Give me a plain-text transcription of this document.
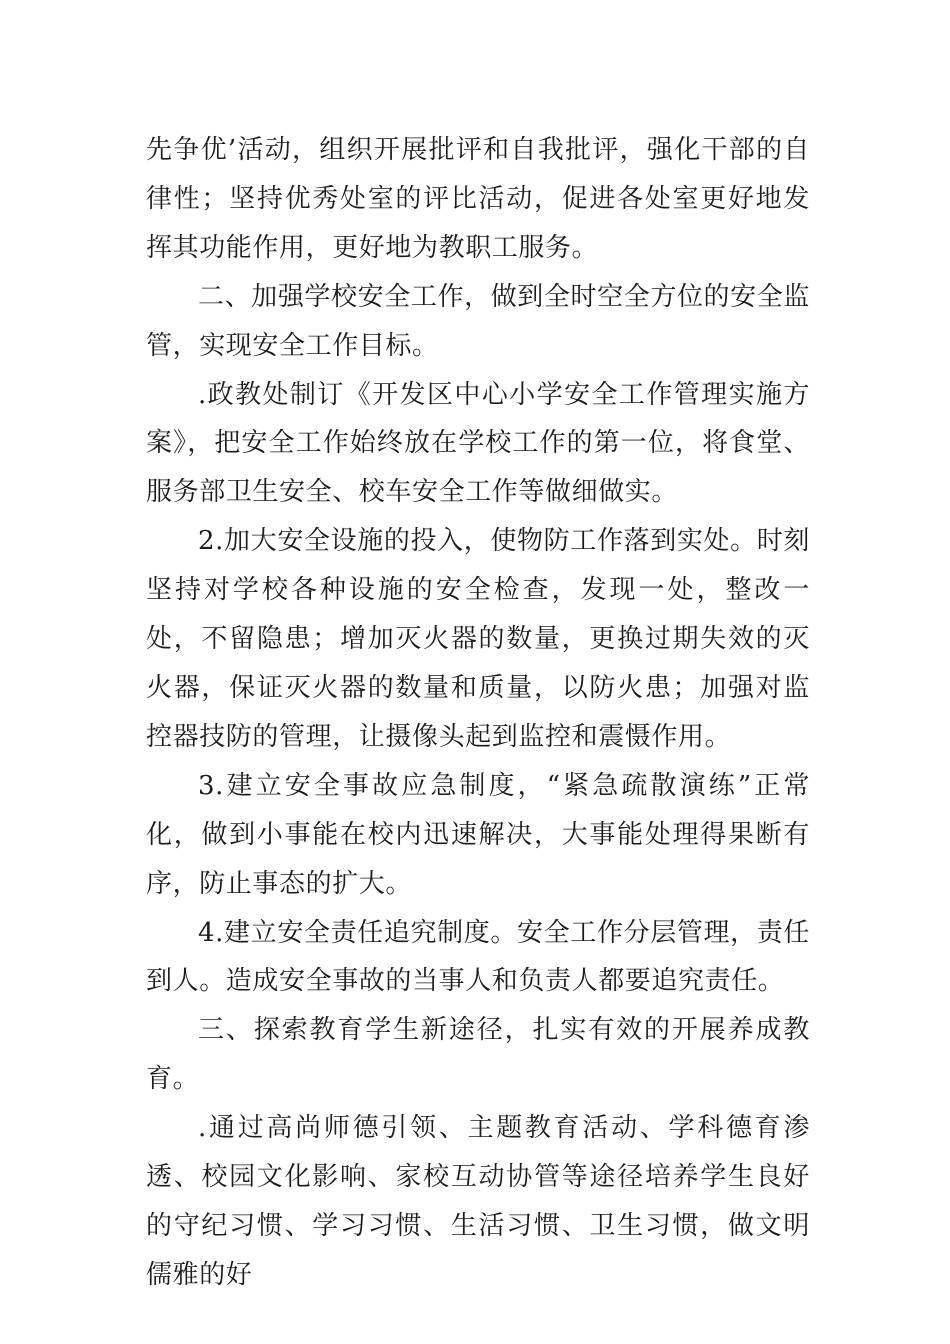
先争优’活动，组织开展批评和自我批评，强化干部的自律性；坚持优秀处室的评比活动，促进各处室更好地发挥其功能作用，更好地为教职工服务。

二、加强学校安全工作，做到全时空全方位的安全监管，实现安全工作目标。

.政教处制订《开发区中心小学安全工作管理实施方案》，把安全工作始终放在学校工作的第一位，将食堂、服务部卫生安全、校车安全工作等做细做实。

2.加大安全设施的投入，使物防工作落到实处。时刻坚持对学校各种设施的安全检查，发现一处，整改一处，不留隐患；增加灭火器的数量，更换过期失效的灭火器，保证灭火器的数量和质量，以防火患；加强对监控器技防的管理，让摄像头起到监控和震慑作用。

3.建立安全事故应急制度，“紧急疏散演练”正常化，做到小事能在校内迅速解决，大事能处理得果断有序，防止事态的扩大。

4.建立安全责任追究制度。安全工作分层管理，责任到人。造成安全事故的当事人和负责人都要追究责任。

三、探索教育学生新途径，扎实有效的开展养成教育。

.通过高尚师德引领、主题教育活动、学科德育渗透、校园文化影响、家校互动协管等途径培养学生良好的守纪习惯、学习习惯、生活习惯、卫生习惯，做文明儒雅的好
